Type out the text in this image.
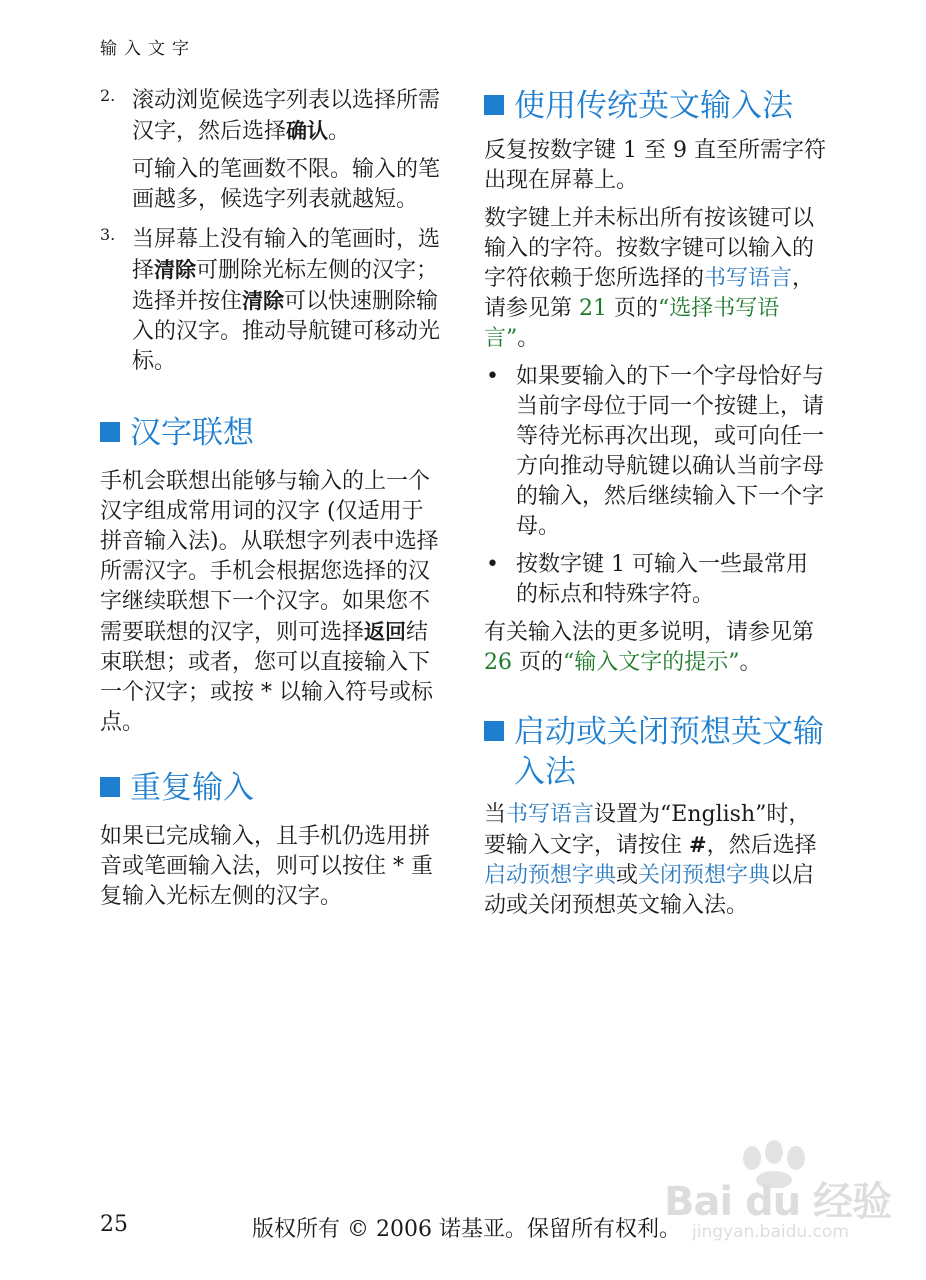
输入文字
2. 滚动浏览候选字列表以选择所需汉字，然后选择确认。

可输入的笔画数不限。输入的笔画越多，候选字列表就越短。

3. 当屏幕上没有输入的笔画时，选择清除可删除光标左侧的汉字；选择并按住清除可以快速删除输入的汉字。推动导航键可移动光标。

汉字联想

手机会联想出能够与输入的上一个汉字组成常用词的汉字 (仅适用于拼音输入法)。从联想字列表中选择所需汉字。手机会根据您选择的汉字继续联想下一个汉字。如果您不需要联想的汉字，则可选择返回结束联想；或者，您可以直接输入下一个汉字；或按 * 以输入符号或标点。

重复输入

如果已完成输入，且手机仍选用拼音或笔画输入法，则可以按住 * 重复输入光标左侧的汉字。

使用传统英文输入法

反复按数字键 1 至 9 直至所需字符出现在屏幕上。

数字键上并未标出所有按该键可以输入的字符。按数字键可以输入的字符依赖于您所选择的书写语言，请参见第 21 页的“选择书写语言”。

• 如果要输入的下一个字母恰好与当前字母位于同一个按键上，请等待光标再次出现，或可向任一方向推动导航键以确认当前字母的输入，然后继续输入下一个字母。

• 按数字键 1 可输入一些最常用的标点和特殊字符。

有关输入法的更多说明，请参见第 26 页的“输入文字的提示”。

启动或关闭预想英文输入法

当书写语言设置为“English”时，要输入文字，请按住 #，然后选择启动预想字典或关闭预想字典以启动或关闭预想英文输入法。

25	版权所有 © 2006 诺基亚。保留所有权利。
Bai du 经验
jingyan.baidu.com
